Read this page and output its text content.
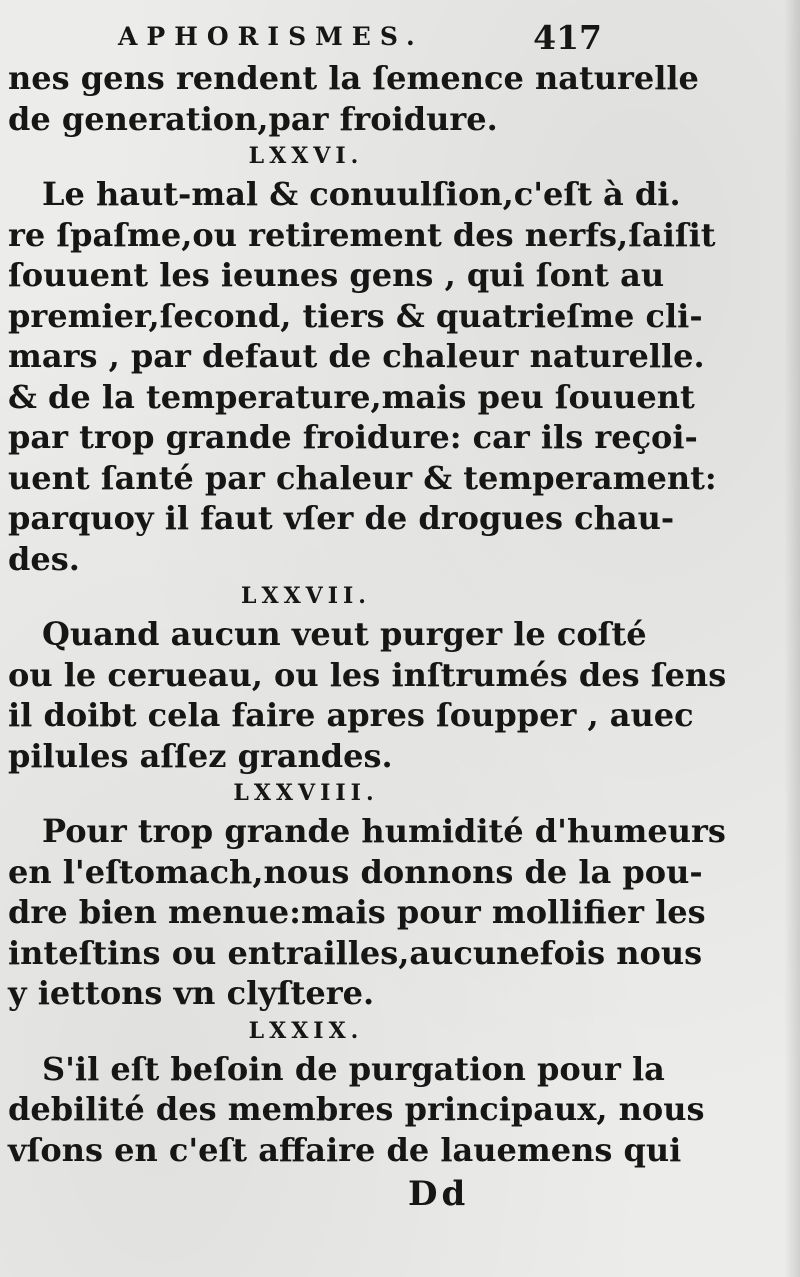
APHORISMES.	417
nes gens rendent la ſemence naturelle
de generation,par froidure.
LXXVI.
Le haut-mal & conuulſion,c'eſt à di.
re ſpaſme,ou retirement des nerfs,ſaiſit
ſouuent les ieunes gens , qui ſont au
premier,ſecond, tiers & quatrieſme cli-
mars , par defaut de chaleur naturelle.
& de la temperature,mais peu ſouuent
par trop grande froidure: car ils reçoi-
uent ſanté par chaleur & temperament:
parquoy il faut vſer de drogues chau-
des.
LXXVII.
Quand aucun veut purger le coſté
ou le cerueau, ou les inſtrumés des ſens
il doibt cela faire apres ſoupper , auec
pilules aſſez grandes.
LXXVIII.
Pour trop grande humidité d'humeurs
en l'eſtomach,nous donnons de la pou-
dre bien menue:mais pour mollifier les
inteſtins ou entrailles,aucunefois nous
y iettons vn clyſtere.
LXXIX.
S'il eſt beſoin de purgation pour la
debilité des membres principaux, nous
vſons en c'eſt affaire de lauemens qui
Dd
